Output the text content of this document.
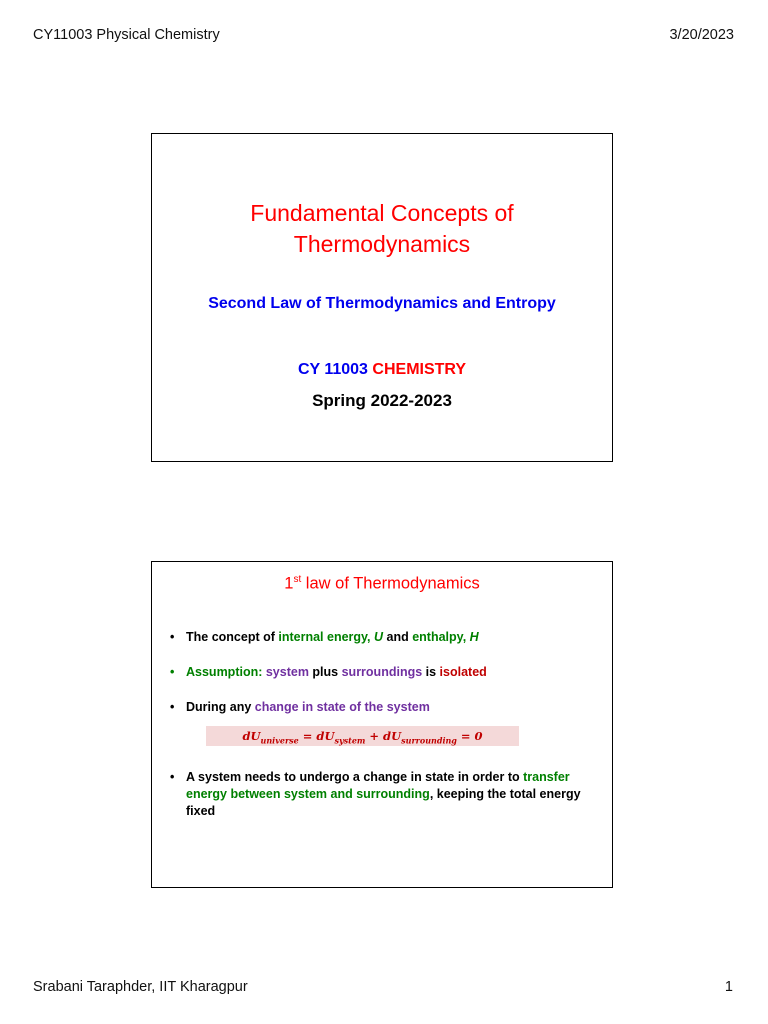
CY11003 Physical Chemistry	3/20/2023
Fundamental Concepts of
Thermodynamics
Second Law of Thermodynamics and Entropy
CY 11003 CHEMISTRY
Spring 2022-2023
1st law of Thermodynamics
• The concept of internal energy, U and enthalpy, H
• Assumption: system plus surroundings is isolated
• During any change in state of the system
$dU_{universe} = dU_{system} + dU_{surrounding} = 0$
• A system needs to undergo a change in state in order to transfer energy between system and surrounding, keeping the total energy fixed
Srabani Taraphder, IIT Kharagpur	1
